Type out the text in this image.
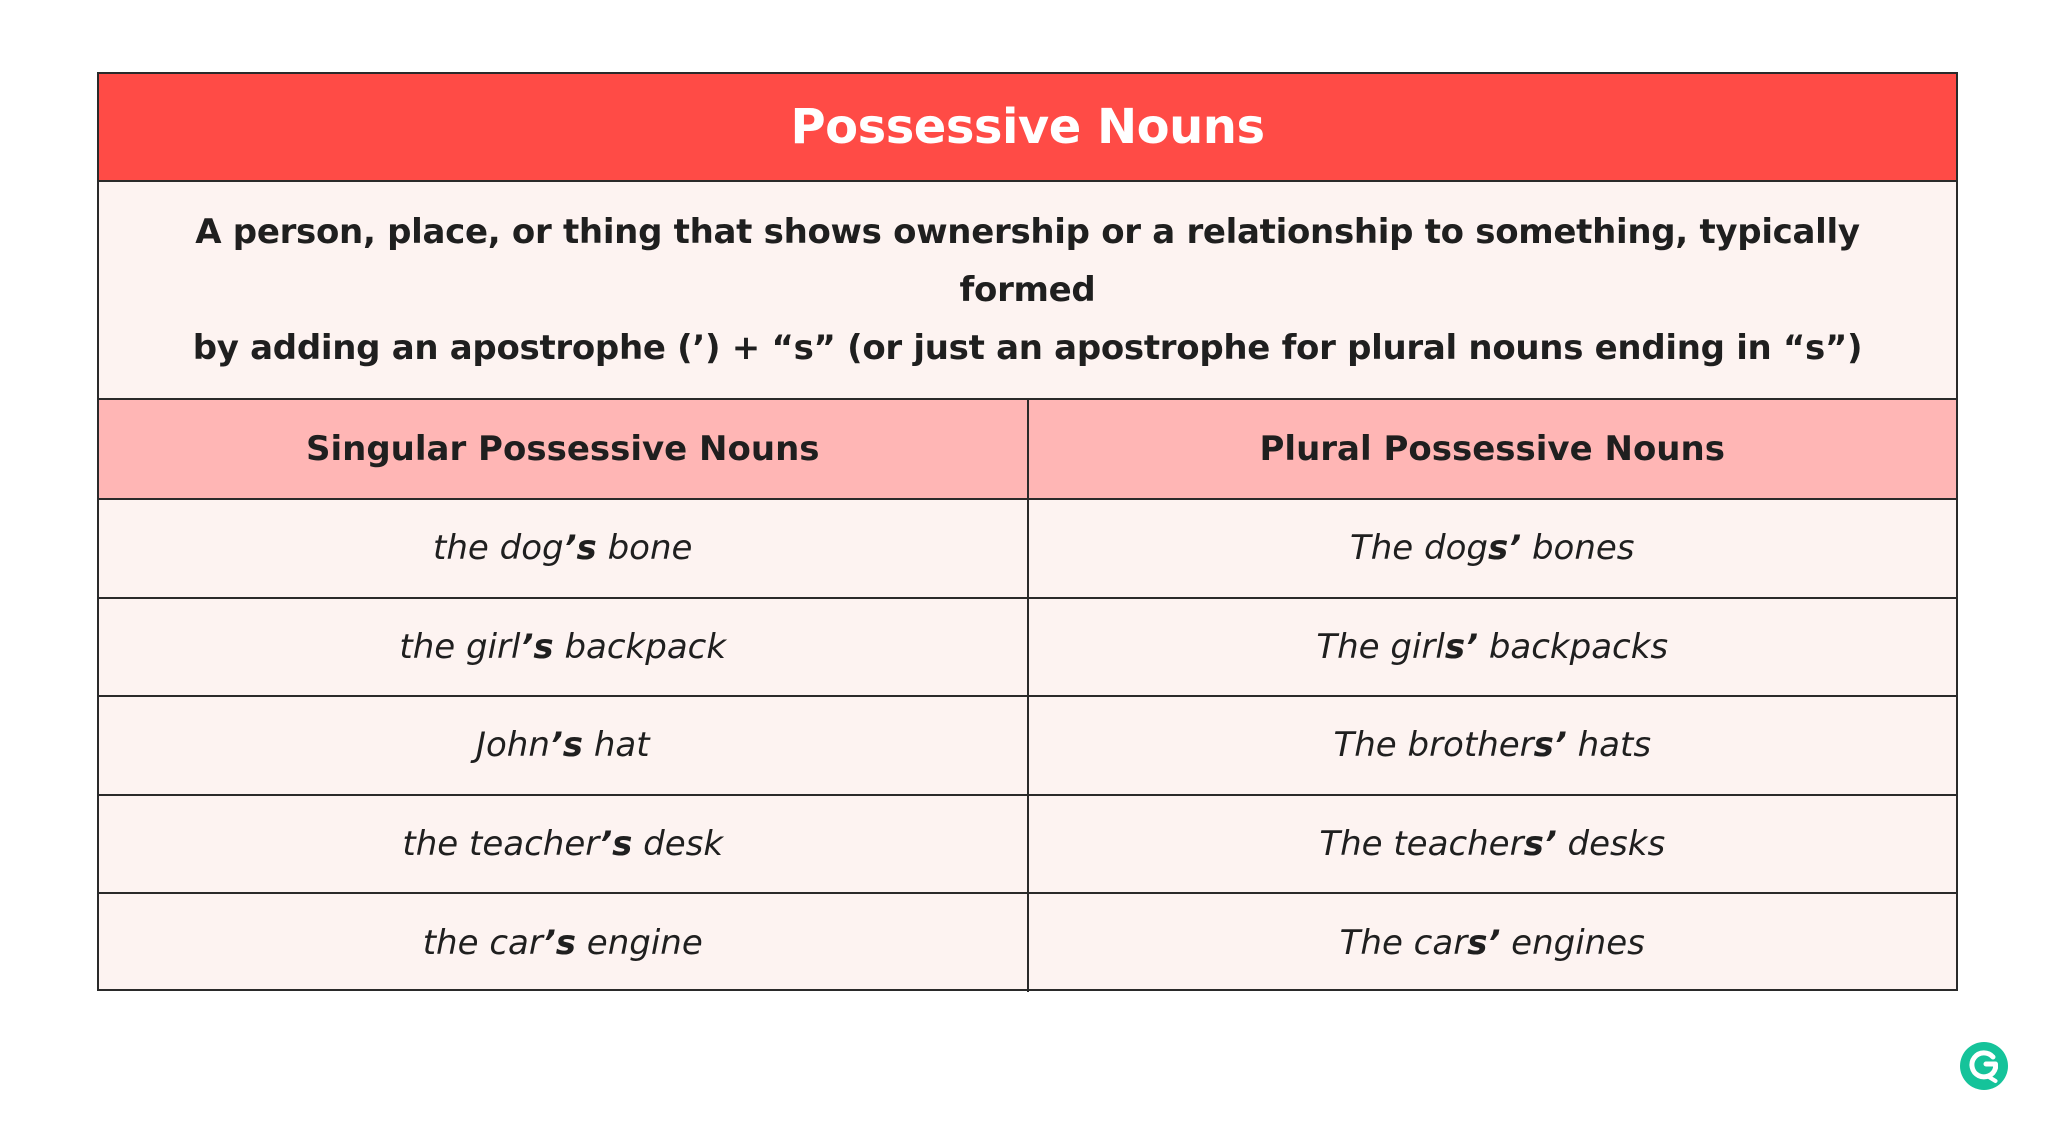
Possessive Nouns

A person, place, or thing that shows ownership or a relationship to something, typically formed
by adding an apostrophe (’) + “s” (or just an apostrophe for plural nouns ending in “s”)

Singular Possessive Nouns	Plural Possessive Nouns
the dog’s bone	The dogs’ bones
the girl’s backpack	The girls’ backpacks
John’s hat	The brothers’ hats
the teacher’s desk	The teachers’ desks
the car’s engine	The cars’ engines
